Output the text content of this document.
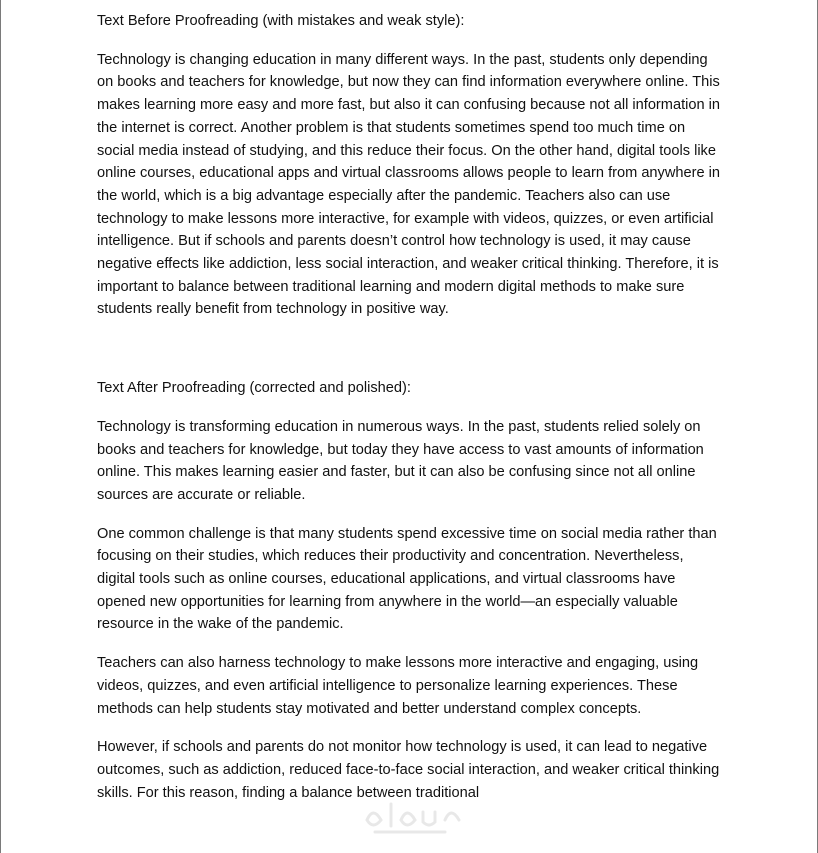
Text Before Proofreading (with mistakes and weak style):
Technology is changing education in many different ways. In the past, students only depending on books and teachers for knowledge, but now they can find information everywhere online. This makes learning more easy and more fast, but also it can confusing because not all information in the internet is correct. Another problem is that students sometimes spend too much time on social media instead of studying, and this reduce their focus. On the other hand, digital tools like online courses, educational apps and virtual classrooms allows people to learn from anywhere in the world, which is a big advantage especially after the pandemic. Teachers also can use technology to make lessons more interactive, for example with videos, quizzes, or even artificial intelligence. But if schools and parents doesn’t control how technology is used, it may cause negative effects like addiction, less social interaction, and weaker critical thinking. Therefore, it is important to balance between traditional learning and modern digital methods to make sure students really benefit from technology in positive way.
Text After Proofreading (corrected and polished):
Technology is transforming education in numerous ways. In the past, students relied solely on books and teachers for knowledge, but today they have access to vast amounts of information online. This makes learning easier and faster, but it can also be confusing since not all online sources are accurate or reliable.
One common challenge is that many students spend excessive time on social media rather than focusing on their studies, which reduces their productivity and concentration. Nevertheless, digital tools such as online courses, educational applications, and virtual classrooms have opened new opportunities for learning from anywhere in the world—an especially valuable resource in the wake of the pandemic.
Teachers can also harness technology to make lessons more interactive and engaging, using videos, quizzes, and even artificial intelligence to personalize learning experiences. These methods can help students stay motivated and better understand complex concepts.
However, if schools and parents do not monitor how technology is used, it can lead to negative outcomes, such as addiction, reduced face-to-face social interaction, and weaker critical thinking skills. For this reason, finding a balance between traditional
